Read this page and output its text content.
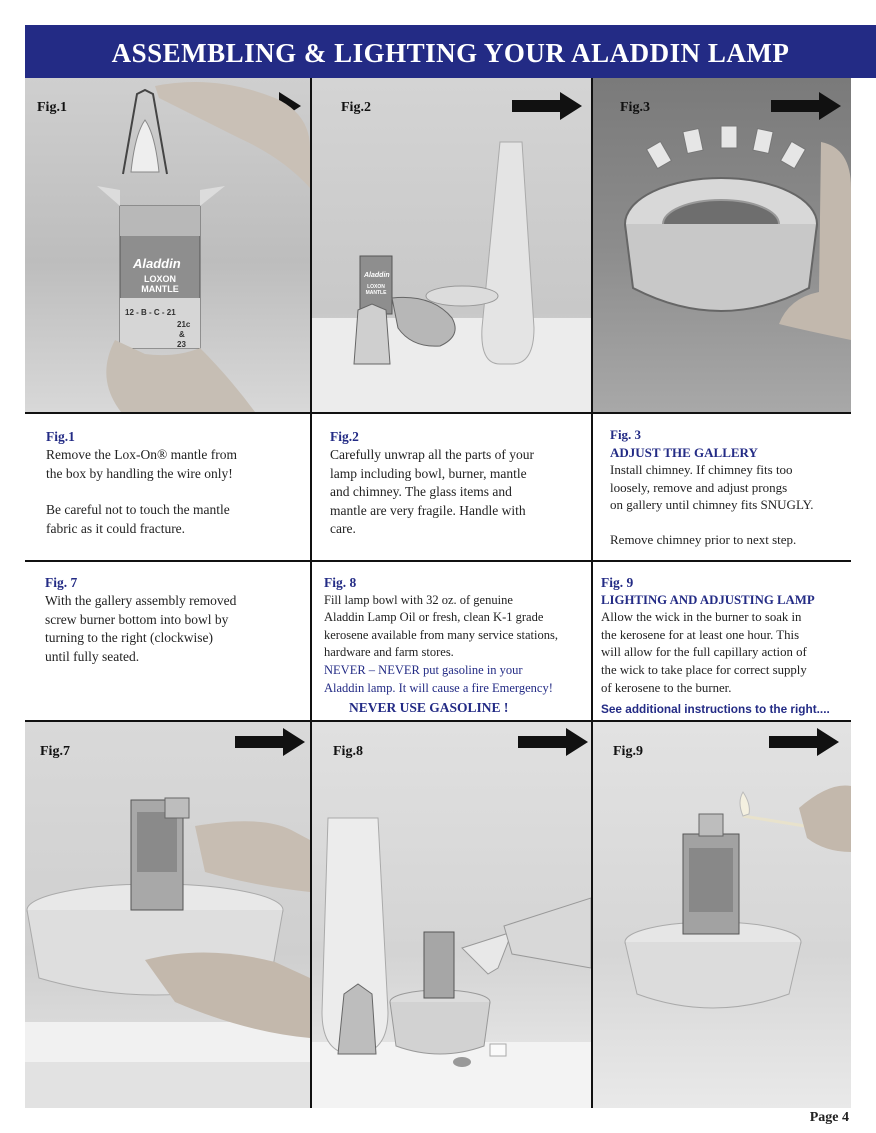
ASSEMBLING & LIGHTING YOUR ALADDIN LAMP
Fig.1
Aladdin
LOXON MANTLE
12 - B - C - 21
21c
&
23
Fig.2
Aladdin
LOXON MANTLE
Fig.3

Fig.1

Remove the Lox-On® mantle from

the box by handling the wire only!

Be careful not to touch the mantle

fabric as it could fracture.

Fig.2

Carefully unwrap all the parts of your

lamp including bowl, burner, mantle

and chimney. The glass items and

mantle are very fragile. Handle with

care.

Fig. 3

ADJUST THE GALLERY

Install chimney. If chimney fits too

loosely, remove and adjust prongs

on gallery until chimney fits SNUGLY.

Remove chimney prior to next step.

Fig. 7

With the gallery assembly removed

screw burner bottom into bowl by

turning to the right (clockwise)

until fully seated.

Fig. 8

Fill lamp bowl with 32 oz. of genuine

Aladdin Lamp Oil or fresh, clean K-1 grade

kerosene available from many service stations,

hardware and farm stores.

NEVER – NEVER put gasoline in your

Aladdin lamp. It will cause a fire Emergency!

NEVER USE GASOLINE !

Fig. 9

LIGHTING AND ADJUSTING LAMP

Allow the wick in the burner to soak in

the kerosene for at least one hour. This

will allow for the full capillary action of

the wick to take place for correct supply

of kerosene to the burner.

See additional instructions to the right....

Fig.7	Fig.8	Fig.9
Page 4
